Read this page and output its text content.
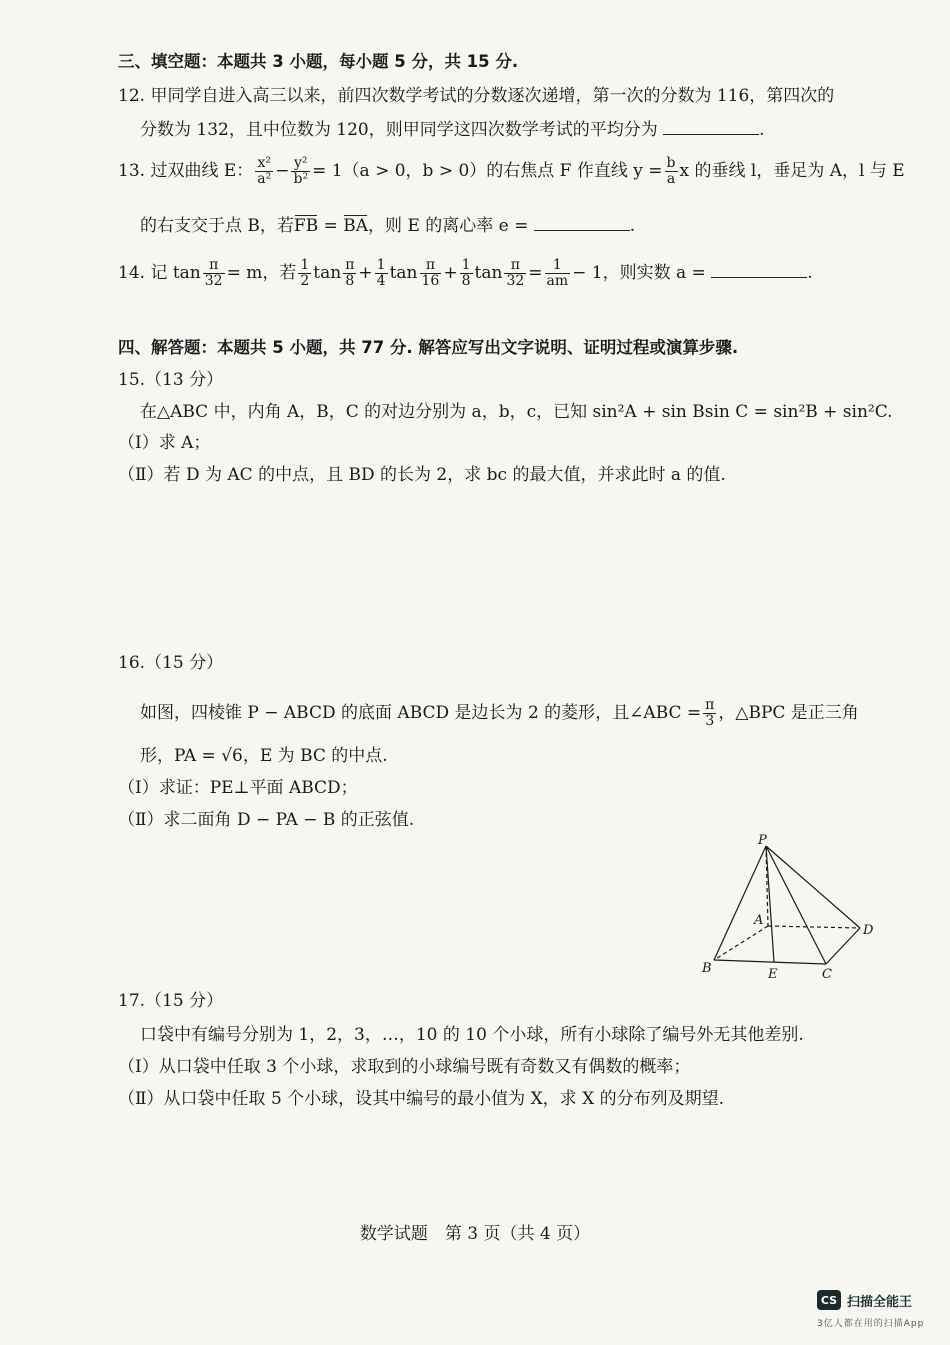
三、填空题：本题共 3 小题，每小题 5 分，共 15 分.
12. 甲同学自进入高三以来，前四次数学考试的分数逐次递增，第一次的分数为 116，第四次的
分数为 132，且中位数为 120，则甲同学这四次数学考试的平均分为	.
13. 过双曲线 E： $\frac{\text{x²}}{\text{a²}} - \frac{\text{y²}}{\text{b²}} = 1(a > 0$，b > 0）的右焦点 F 作直线 $y = \frac{b}{a}$ x 的垂线 l，垂足为 A，l 与 E
的右支交于点 B，若FB = BA，则 E 的离心率 e =	.
14. 记 $\tan \frac{\pi}{32} = m$，若 $\frac{1}{2}$ $\tan \frac{\pi}{8} + \frac{1}{4}$ $\tan \frac{\pi}{16} + \frac{1}{8}$ $\tan \frac{\pi}{32} = \frac{1}{am} - 1$，则实数 a =	.
四、解答题：本题共 5 小题，共 77 分. 解答应写出文字说明、证明过程或演算步骤.
15.（13 分）
在△ABC 中，内角 A，B，C 的对边分别为 a，b，c，已知 sin²A + sin Bsin C = sin²B + sin²C.
（Ⅰ）求 A；
（Ⅱ）若 D 为 AC 的中点，且 BD 的长为 2，求 bc 的最大值，并求此时 a 的值.
16.（15 分）
如图，四棱锥 P − ABCD 的底面 ABCD 是边长为 2 的菱形，且∠ABC = $\frac{\pi}{3}$ ，△BPC 是正三角
形，PA = √6，E 为 BC 的中点.
（Ⅰ）求证：PE⊥平面 ABCD；
（Ⅱ）求二面角 D − PA − B 的正弦值.
P
A
B	E	C
D
17.（15 分）
口袋中有编号分别为 1，2，3，…，10 的 10 个小球，所有小球除了编号外无其他差别.
（Ⅰ）从口袋中任取 3 个小球，求取到的小球编号既有奇数又有偶数的概率；
（Ⅱ）从口袋中任取 5 个小球，设其中编号的最小值为 X，求 X 的分布列及期望.
数学试题　第 3 页（共 4 页）
CS 扫描全能王
3亿人都在用的扫描App
